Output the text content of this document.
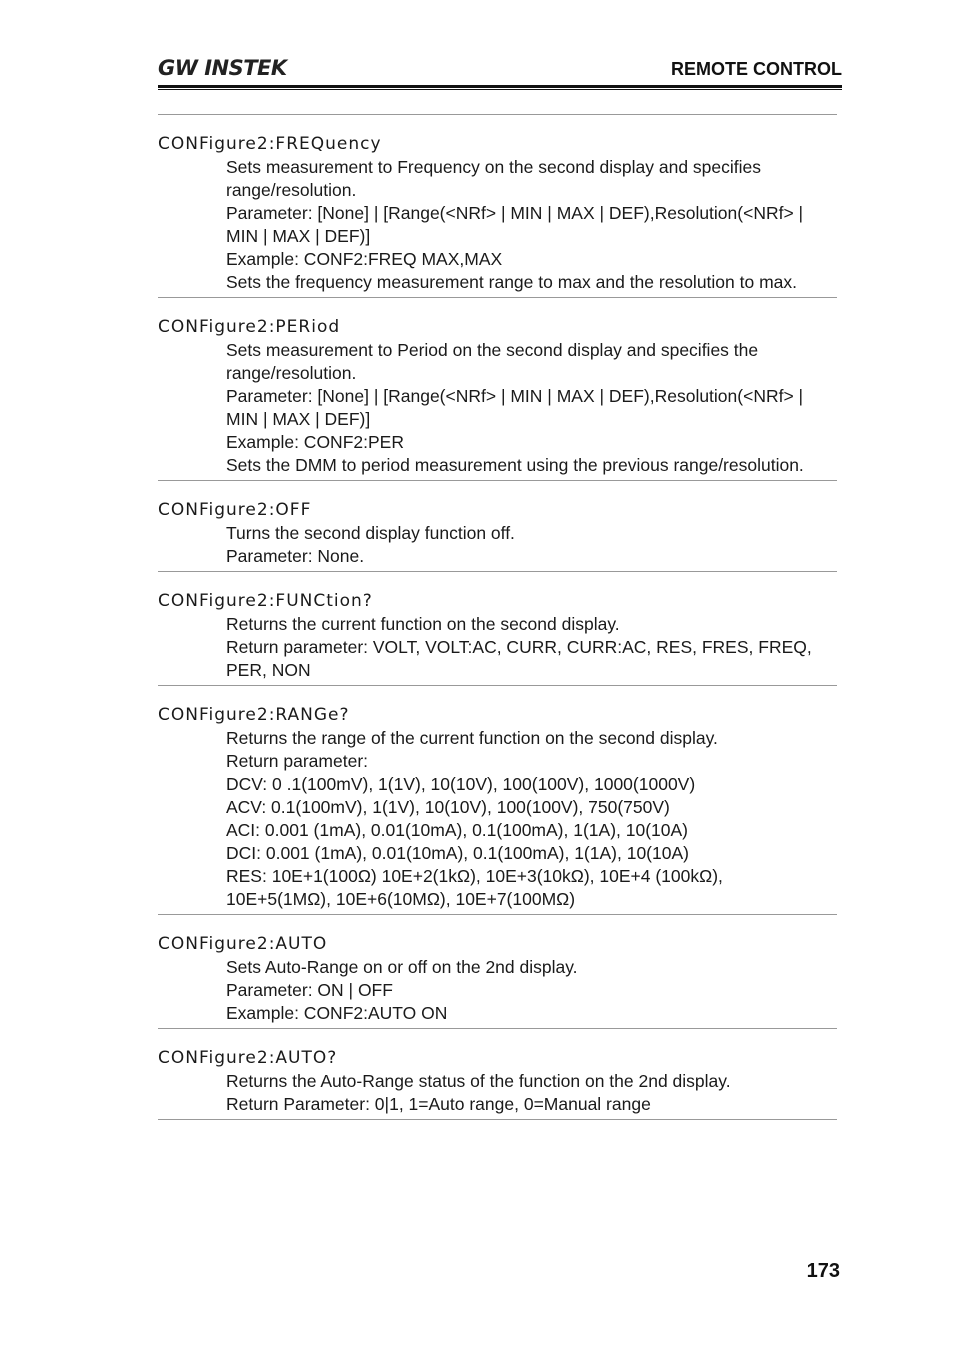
GW INSTEK	REMOTE CONTROL
CONFigure2:FREQuency
Sets measurement to Frequency on the second display and specifies
range/resolution.
Parameter: [None] | [Range(<NRf> | MIN | MAX | DEF),Resolution(<NRf> |
MIN | MAX | DEF)]
Example: CONF2:FREQ MAX,MAX
Sets the frequency measurement range to max and the resolution to max.
CONFigure2:PERiod
Sets measurement to Period on the second display and specifies the
range/resolution.
Parameter: [None] | [Range(<NRf> | MIN | MAX | DEF),Resolution(<NRf> |
MIN | MAX | DEF)]
Example: CONF2:PER
Sets the DMM to period measurement using the previous range/resolution.
CONFigure2:OFF
Turns the second display function off.
Parameter: None.
CONFigure2:FUNCtion?
Returns the current function on the second display.
Return parameter: VOLT, VOLT:AC, CURR, CURR:AC, RES, FRES, FREQ,
PER, NON
CONFigure2:RANGe?
Returns the range of the current function on the second display.
Return parameter:
DCV: 0 .1(100mV), 1(1V), 10(10V), 100(100V), 1000(1000V)
ACV: 0.1(100mV), 1(1V), 10(10V), 100(100V), 750(750V)
ACI: 0.001 (1mA), 0.01(10mA), 0.1(100mA), 1(1A), 10(10A)
DCI: 0.001 (1mA), 0.01(10mA), 0.1(100mA), 1(1A), 10(10A)
RES: 10E+1(100Ω) 10E+2(1kΩ), 10E+3(10kΩ), 10E+4 (100kΩ),
10E+5(1MΩ), 10E+6(10MΩ), 10E+7(100MΩ)
CONFigure2:AUTO
Sets Auto-Range on or off on the 2nd display.
Parameter: ON | OFF
Example: CONF2:AUTO ON
CONFigure2:AUTO?
Returns the Auto-Range status of the function on the 2nd display.
Return Parameter: 0|1, 1=Auto range, 0=Manual range
173
